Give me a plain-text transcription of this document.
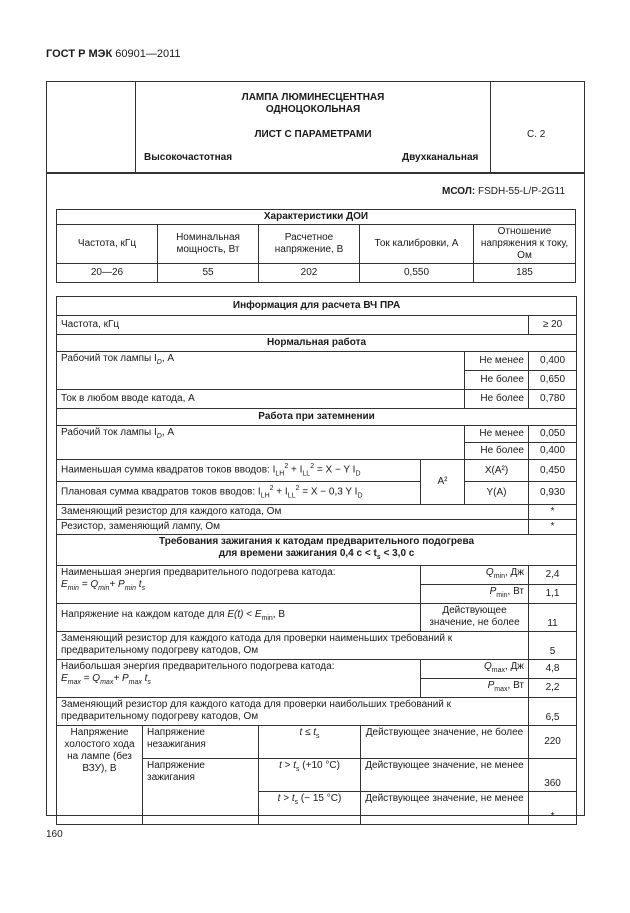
ГОСТ Р МЭК 60901—2011
ЛАМПА ЛЮМИНЕСЦЕНТНАЯ
ОДНОЦОКОЛЬНАЯ
ЛИСТ С ПАРАМЕТРАМИ
Высокочастотная	Двухканальная
С. 2
МСОЛ: FSDH-55-L/P-2G11
Характеристики ДОИ				
Частота, кГц	Номинальная мощность, Вт	Расчетное напряжение, В	Ток калибровки, А	Отношение напряжения к току, Ом
20—26	55	202	0,550	185
Информация для расчета ВЧ ПРА						
Частота, кГц						≥ 20
Нормальная работа						
Рабочий ток лампы $I_D$, А					Не менее	0,400
					Не более	0,650
Ток в любом вводе катода, А					Не более	0,780
Работа при затемнении						
Рабочий ток лампы $I_D$, А					Не менее	0,050
					Не более	0,400
Наименьшая сумма квадратов токов вводов: $I_{LH}^2 + I_{LL}^2 = X - Y$ $I_D$				А²	X(A²)	0,450
Плановая сумма квадратов токов вводов: $I_{LH}^2 + I_{LL}^2 = X - 0,3$ Y $I_D$					Y(A)	0,930
Заменяющий резистор для каждого катода, Ом						*
Резистор, заменяющий лампу, Ом						*

Требования зажигания к катодам предварительного подогрева
для времени зажигания 0,4 $с < t_s < 3,0$ с						

Наименьшая энергия предварительного подогрева катода:
$E_{min} = Q_{min}+ P_{min}$ $t_s$				$Q_{min}$, Дж		2,4
				$P_{min}$, Вт		1,1
Напряжение на каждом катоде для $E(t) < E_{min}$, В				Действующее значение, не более		11
Заменяющий резистор для каждого катода для проверки наименьших требований к предварительному подогреву катодов, Ом						5

Наибольшая энергия предварительного подогрева катода:
$E_{max} = Q_{max}+ P_{max}$ $t_s$				$Q_{max}$, Дж		4,8
				$P_{max}$, Вт		2,2
Заменяющий резистор для каждого катода для проверки наибольших требований к предварительному подогреву катодов, Ом						6,5
Напряжение холостого хода на лампе (без ВЗУ), В	Напряжение незажигания	$t \le t_s$	Действующее значение, не более			220
	Напряжение зажигания	$t > t_s$ (+10 °С)	Действующее значение, не менее			360
		$t > t_s$ (− 15 °С)	Действующее значение, не менее			*
160
